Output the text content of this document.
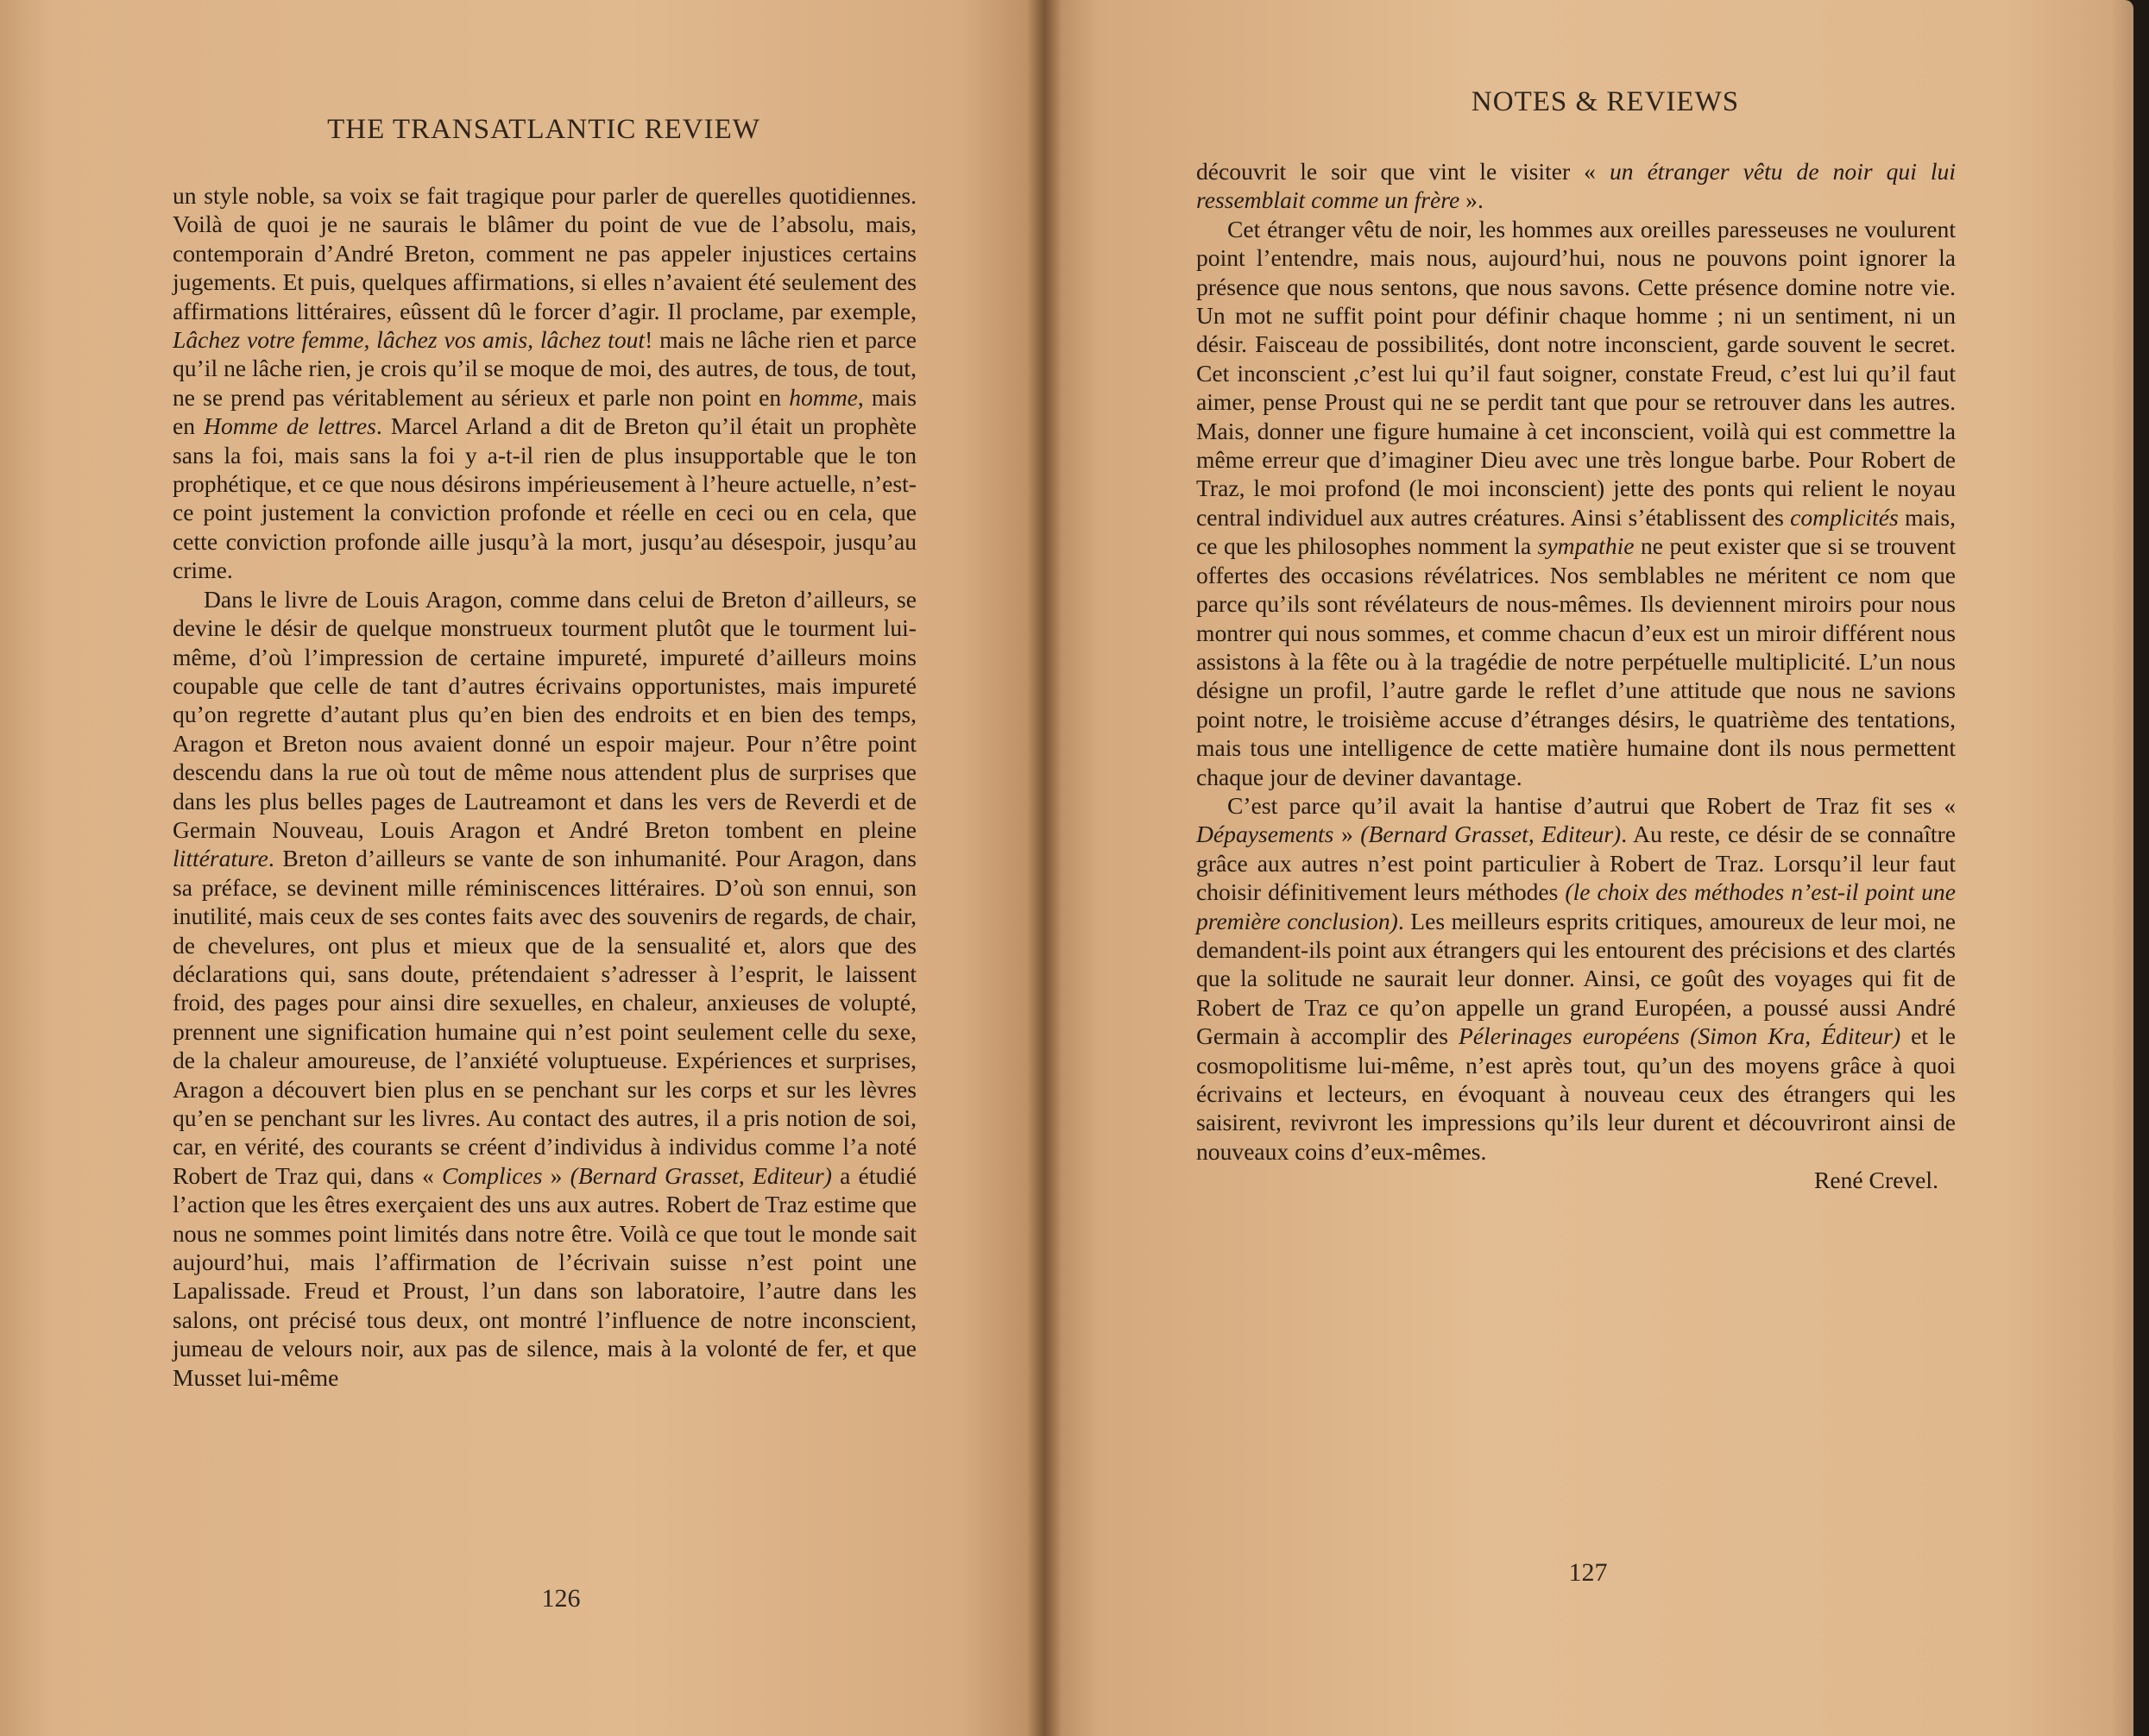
THE TRANSATLANTIC REVIEW

un style noble, sa voix se fait tragique pour parler de querelles quotidiennes. Voilà de quoi je ne saurais le blâmer du point de vue de l’absolu, mais, contemporain d’André Breton, comment ne pas appeler injustices certains jugements. Et puis, quelques affirmations, si elles n’avaient été seulement des affirmations littéraires, eûssent dû le forcer d’agir. Il proclame, par exemple, Lâchez votre femme, lâchez vos amis, lâchez tout! mais ne lâche rien et parce qu’il ne lâche rien, je crois qu’il se moque de moi, des autres, de tous, de tout, ne se prend pas véritablement au sérieux et parle non point en homme, mais en Homme de lettres. Marcel Arland a dit de Breton qu’il était un prophète sans la foi, mais sans la foi y a-t-il rien de plus insupportable que le ton prophétique, et ce que nous désirons impérieusement à l’heure actuelle, n’est-ce point justement la conviction profonde et réelle en ceci ou en cela, que cette conviction profonde aille jusqu’à la mort, jusqu’au désespoir, jusqu’au crime.

Dans le livre de Louis Aragon, comme dans celui de Breton d’ailleurs, se devine le désir de quelque monstrueux tourment plutôt que le tourment lui-même, d’où l’impression de certaine impureté, impureté d’ailleurs moins coupable que celle de tant d’autres écrivains opportunistes, mais impureté qu’on regrette d’autant plus qu’en bien des endroits et en bien des temps, Aragon et Breton nous avaient donné un espoir majeur. Pour n’être point descendu dans la rue où tout de même nous attendent plus de surprises que dans les plus belles pages de Lautreamont et dans les vers de Reverdi et de Germain Nouveau, Louis Aragon et André Breton tombent en pleine littérature. Breton d’ailleurs se vante de son inhumanité. Pour Aragon, dans sa préface, se devinent mille réminiscences littéraires. D’où son ennui, son inutilité, mais ceux de ses contes faits avec des souvenirs de regards, de chair, de chevelures, ont plus et mieux que de la sensualité et, alors que des déclarations qui, sans doute, prétendaient s’adresser à l’esprit, le laissent froid, des pages pour ainsi dire sexuelles, en chaleur, anxieuses de volupté, prennent une signification humaine qui n’est point seulement celle du sexe, de la chaleur amoureuse, de l’anxiété voluptueuse. Expériences et surprises, Aragon a découvert bien plus en se penchant sur les corps et sur les lèvres qu’en se penchant sur les livres. Au contact des autres, il a pris notion de soi, car, en vérité, des courants se créent d’individus à individus comme l’a noté Robert de Traz qui, dans « Complices » (Bernard Grasset, Editeur) a étudié l’action que les êtres exerçaient des uns aux autres. Robert de Traz estime que nous ne sommes point limités dans notre être. Voilà ce que tout le monde sait aujourd’hui, mais l’affirmation de l’écrivain suisse n’est point une Lapalissade. Freud et Proust, l’un dans son laboratoire, l’autre dans les salons, ont précisé tous deux, ont montré l’influence de notre inconscient, jumeau de velours noir, aux pas de silence, mais à la volonté de fer, et que Musset lui-même

126
NOTES & REVIEWS

découvrit le soir que vint le visiter « un étranger vêtu de noir qui lui ressemblait comme un frère ».

Cet étranger vêtu de noir, les hommes aux oreilles paresseuses ne voulurent point l’entendre, mais nous, aujourd’hui, nous ne pouvons point ignorer la présence que nous sentons, que nous savons. Cette présence domine notre vie. Un mot ne suffit point pour définir chaque homme ; ni un sentiment, ni un désir. Faisceau de possibilités, dont notre inconscient, garde souvent le secret. Cet inconscient ,c’est lui qu’il faut soigner, constate Freud, c’est lui qu’il faut aimer, pense Proust qui ne se perdit tant que pour se retrouver dans les autres. Mais, donner une figure humaine à cet inconscient, voilà qui est commettre la même erreur que d’imaginer Dieu avec une très longue barbe. Pour Robert de Traz, le moi profond (le moi inconscient) jette des ponts qui relient le noyau central individuel aux autres créatures. Ainsi s’établissent des complicités mais, ce que les philosophes nomment la sympathie ne peut exister que si se trouvent offertes des occasions révélatrices. Nos semblables ne méritent ce nom que parce qu’ils sont révélateurs de nous-mêmes. Ils deviennent miroirs pour nous montrer qui nous sommes, et comme chacun d’eux est un miroir différent nous assistons à la fête ou à la tragédie de notre perpétuelle multiplicité. L’un nous désigne un profil, l’autre garde le reflet d’une attitude que nous ne savions point notre, le troisième accuse d’étranges désirs, le quatrième des tentations, mais tous une intelligence de cette matière humaine dont ils nous permettent chaque jour de deviner davantage.

C’est parce qu’il avait la hantise d’autrui que Robert de Traz fit ses « Dépaysements » (Bernard Grasset, Editeur). Au reste, ce désir de se connaître grâce aux autres n’est point particulier à Robert de Traz. Lorsqu’il leur faut choisir définitivement leurs méthodes (le choix des méthodes n’est-il point une première conclusion). Les meilleurs esprits critiques, amoureux de leur moi, ne demandent-ils point aux étrangers qui les entourent des précisions et des clartés que la solitude ne saurait leur donner. Ainsi, ce goût des voyages qui fit de Robert de Traz ce qu’on appelle un grand Européen, a poussé aussi André Germain à accomplir des Pélerinages européens (Simon Kra, Éditeur) et le cosmopolitisme lui-même, n’est après tout, qu’un des moyens grâce à quoi écrivains et lecteurs, en évoquant à nouveau ceux des étrangers qui les saisirent, revivront les impressions qu’ils leur durent et découvriront ainsi de nouveaux coins d’eux-mêmes.

René Crevel.

127
